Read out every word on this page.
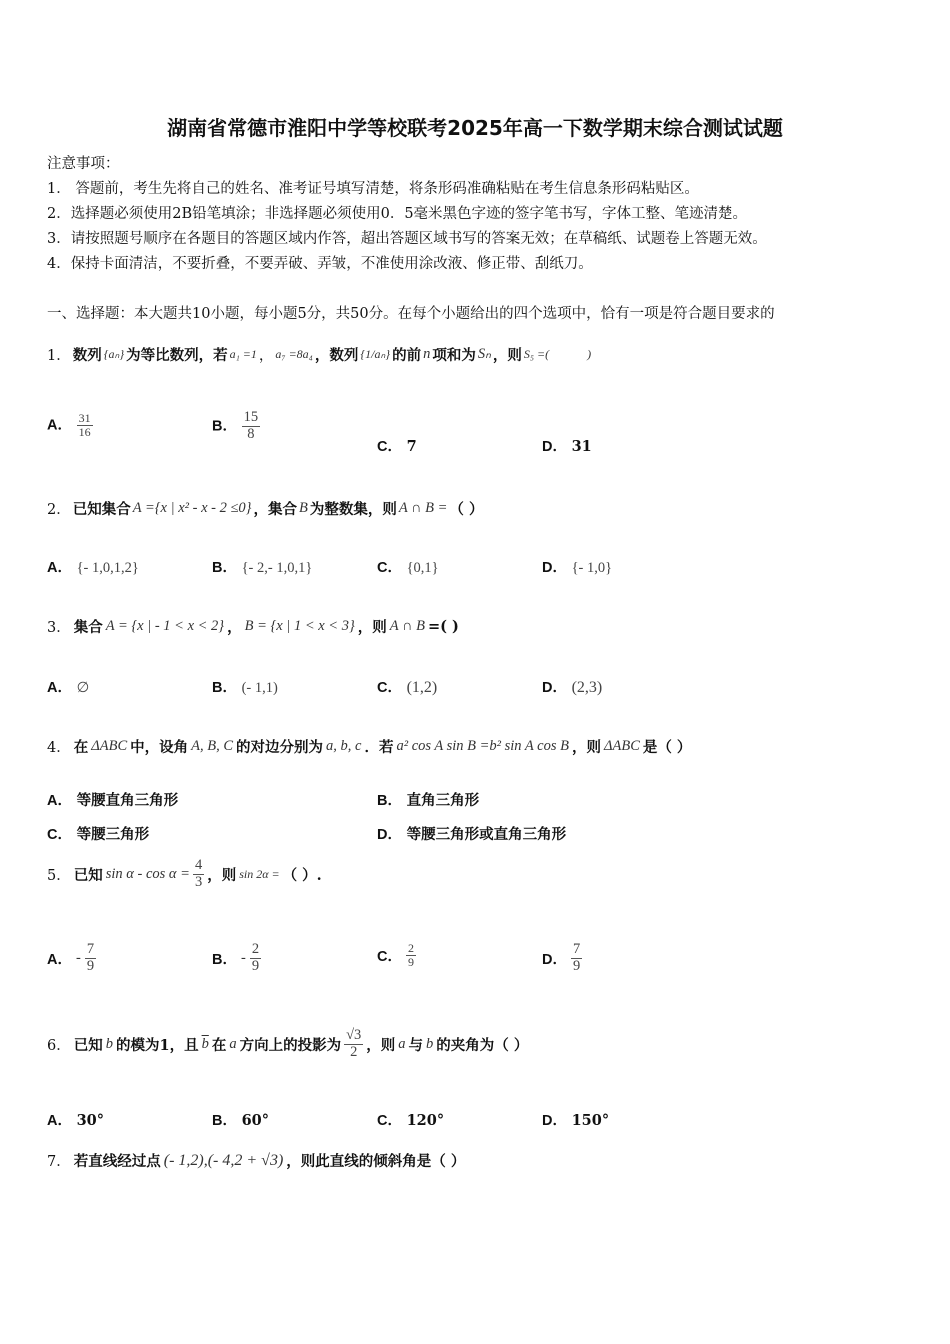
湖南省常德市淮阳中学等校联考2025年高一下数学期末综合测试试题
注意事项：
1． 答题前，考生先将自己的姓名、准考证号填写清楚，将条形码准确粘贴在考生信息条形码粘贴区。
2．选择题必须使用2B铅笔填涂；非选择题必须使用0．5毫米黑色字迹的签字笔书写，字体工整、笔迹清楚。
3．请按照题号顺序在各题目的答题区域内作答，超出答题区域书写的答案无效；在草稿纸、试题卷上答题无效。
4．保持卡面清洁，不要折叠，不要弄破、弄皱，不准使用涂改液、修正带、刮纸刀。
一、选择题：本大题共10小题，每小题5分，共50分。在每个小题给出的四个选项中，恰有一项是符合题目要求的
1． 数列 {aₙ} 为等比数列，若 a₁ =1 ， a₇ =8a₄ ，数列 {1/aₙ} 的前 n 项和为 Sₙ ，则 S₅ =(	)
A． $\frac{31}{16}$	B． $\frac{15}{8}$
C． 7	D． 31
2． 已知集合 A ={x | x² - x - 2 ≤0} ，集合 B 为整数集，则 A ∩ B = （ ）
A． {- 1,0,1,2}	B． {- 2,- 1,0,1}	C． {0,1}	D． {- 1,0}
3． 集合 A = {x | - 1 < x < 2} ， B = {x | 1 < x < 3} ，则 A ∩ B =( )
A． ∅	B． (- 1,1)	C． (1,2)	D． (2,3)
4． 在 ΔABC 中，设角 A, B, C 的对边分别为 a, b, c ．若 a² cos A sin B =b² sin A cos B ，则 ΔABC 是（ ）
A． 等腰直角三角形	B． 直角三角形
C． 等腰三角形	D． 等腰三角形或直角三角形
5． 已知 $\sin \alpha - \cos \alpha = \frac{4}{3}$ ，则 sin 2α = （ ）.
A． - $\frac{7}{9}$	B． - $\frac{2}{9}$	C． $\frac{2}{9}$	D． $\frac{7}{9}$
6． 已知 b 的模为1，且 $\overline{b}$ 在 a 方向上的投影为 $\frac{√3}{2}$ ，则 a 与 b 的夹角为（ ）
A． 30°	B． 60°	C． 120°	D． 150°
7． 若直线经过点 (- 1,2),(- 4,2 + √3) ，则此直线的倾斜角是（ ）
